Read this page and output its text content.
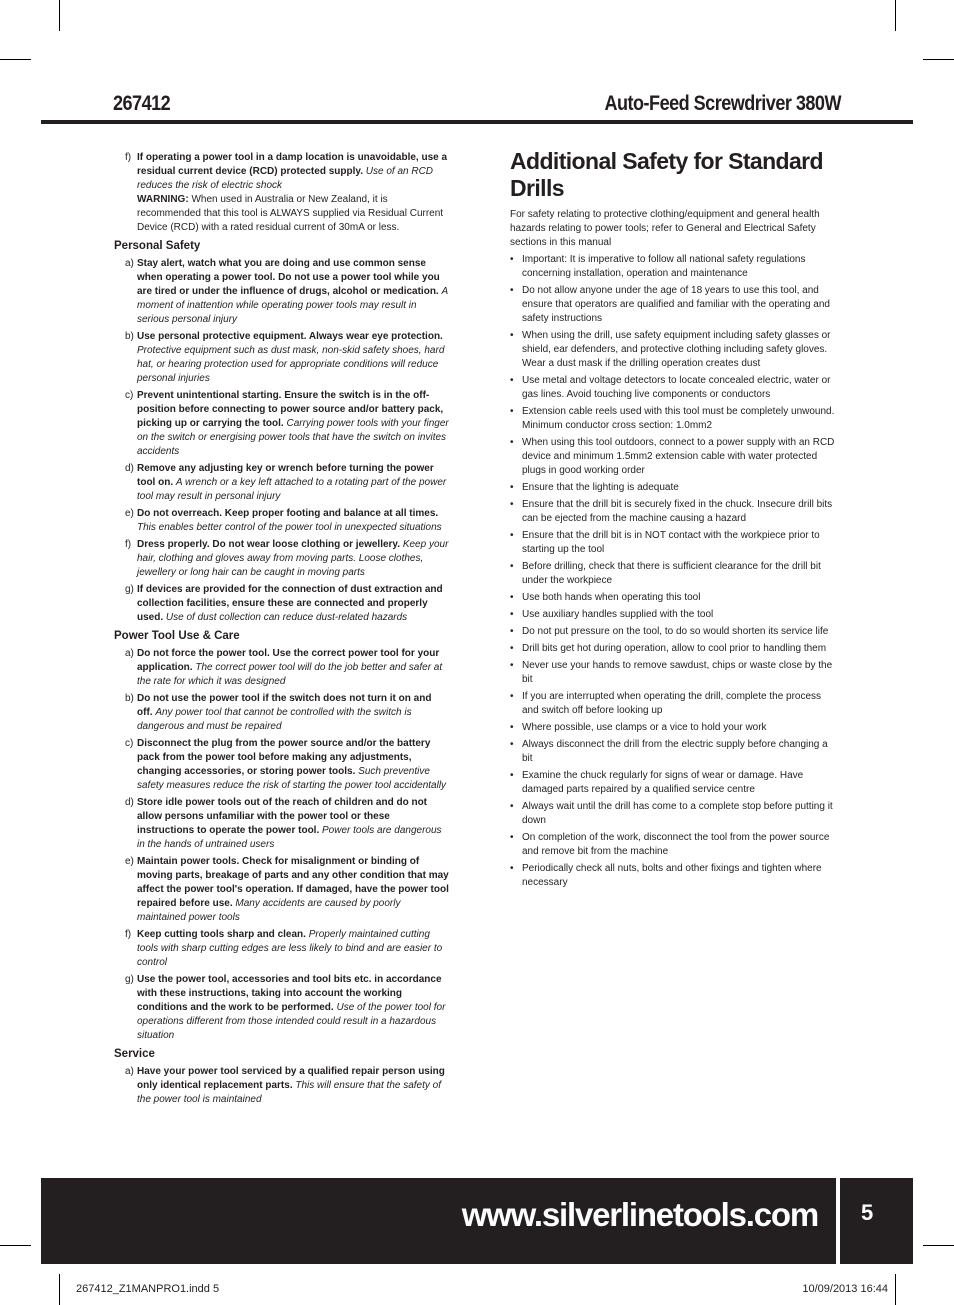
267412	Auto-Feed Screwdriver 380W
f) If operating a power tool in a damp location is unavoidable, use a residual current device (RCD) protected supply. Use of an RCD reduces the risk of electric shock
WARNING: When used in Australia or New Zealand, it is recommended that this tool is ALWAYS supplied via Residual Current Device (RCD) with a rated residual current of 30mA or less.
Personal Safety
a) Stay alert, watch what you are doing and use common sense when operating a power tool. Do not use a power tool while you are tired or under the influence of drugs, alcohol or medication. A moment of inattention while operating power tools may result in serious personal injury
b) Use personal protective equipment. Always wear eye protection. Protective equipment such as dust mask, non-skid safety shoes, hard hat, or hearing protection used for appropriate conditions will reduce personal injuries
c) Prevent unintentional starting. Ensure the switch is in the off-position before connecting to power source and/or battery pack, picking up or carrying the tool. Carrying power tools with your finger on the switch or energising power tools that have the switch on invites accidents
d) Remove any adjusting key or wrench before turning the power tool on. A wrench or a key left attached to a rotating part of the power tool may result in personal injury
e) Do not overreach. Keep proper footing and balance at all times. This enables better control of the power tool in unexpected situations
f) Dress properly. Do not wear loose clothing or jewellery. Keep your hair, clothing and gloves away from moving parts. Loose clothes, jewellery or long hair can be caught in moving parts
g) If devices are provided for the connection of dust extraction and collection facilities, ensure these are connected and properly used. Use of dust collection can reduce dust-related hazards
Power Tool Use & Care
a) Do not force the power tool. Use the correct power tool for your application. The correct power tool will do the job better and safer at the rate for which it was designed
b) Do not use the power tool if the switch does not turn it on and off. Any power tool that cannot be controlled with the switch is dangerous and must be repaired
c) Disconnect the plug from the power source and/or the battery pack from the power tool before making any adjustments, changing accessories, or storing power tools. Such preventive safety measures reduce the risk of starting the power tool accidentally
d) Store idle power tools out of the reach of children and do not allow persons unfamiliar with the power tool or these instructions to operate the power tool. Power tools are dangerous in the hands of untrained users
e) Maintain power tools. Check for misalignment or binding of moving parts, breakage of parts and any other condition that may affect the power tool's operation. If damaged, have the power tool repaired before use. Many accidents are caused by poorly maintained power tools
f) Keep cutting tools sharp and clean. Properly maintained cutting tools with sharp cutting edges are less likely to bind and are easier to control
g) Use the power tool, accessories and tool bits etc. in accordance with these instructions, taking into account the working conditions and the work to be performed. Use of the power tool for operations different from those intended could result in a hazardous situation
Service
a) Have your power tool serviced by a qualified repair person using only identical replacement parts. This will ensure that the safety of the power tool is maintained
Additional Safety for Standard Drills
For safety relating to protective clothing/equipment and general health hazards relating to power tools; refer to General and Electrical Safety sections in this manual
• Important: It is imperative to follow all national safety regulations concerning installation, operation and maintenance
• Do not allow anyone under the age of 18 years to use this tool, and ensure that operators are qualified and familiar with the operating and safety instructions
• When using the drill, use safety equipment including safety glasses or shield, ear defenders, and protective clothing including safety gloves. Wear a dust mask if the drilling operation creates dust
• Use metal and voltage detectors to locate concealed electric, water or gas lines. Avoid touching live components or conductors
• Extension cable reels used with this tool must be completely unwound. Minimum conductor cross section: 1.0mm2
• When using this tool outdoors, connect to a power supply with an RCD device and minimum 1.5mm2 extension cable with water protected plugs in good working order
• Ensure that the lighting is adequate
• Ensure that the drill bit is securely fixed in the chuck. Insecure drill bits can be ejected from the machine causing a hazard
• Ensure that the drill bit is in NOT contact with the workpiece prior to starting up the tool
• Before drilling, check that there is sufficient clearance for the drill bit under the workpiece
• Use both hands when operating this tool
• Use auxiliary handles supplied with the tool
• Do not put pressure on the tool, to do so would shorten its service life
• Drill bits get hot during operation, allow to cool prior to handling them
• Never use your hands to remove sawdust, chips or waste close by the bit
• If you are interrupted when operating the drill, complete the process and switch off before looking up
• Where possible, use clamps or a vice to hold your work
• Always disconnect the drill from the electric supply before changing a bit
• Examine the chuck regularly for signs of wear or damage. Have damaged parts repaired by a qualified service centre
• Always wait until the drill has come to a complete stop before putting it down
• On completion of the work, disconnect the tool from the power source and remove bit from the machine
• Periodically check all nuts, bolts and other fixings and tighten where necessary
www.silverlinetools.com 5
267412_Z1MANPRO1.indd 5	10/09/2013 16:44
